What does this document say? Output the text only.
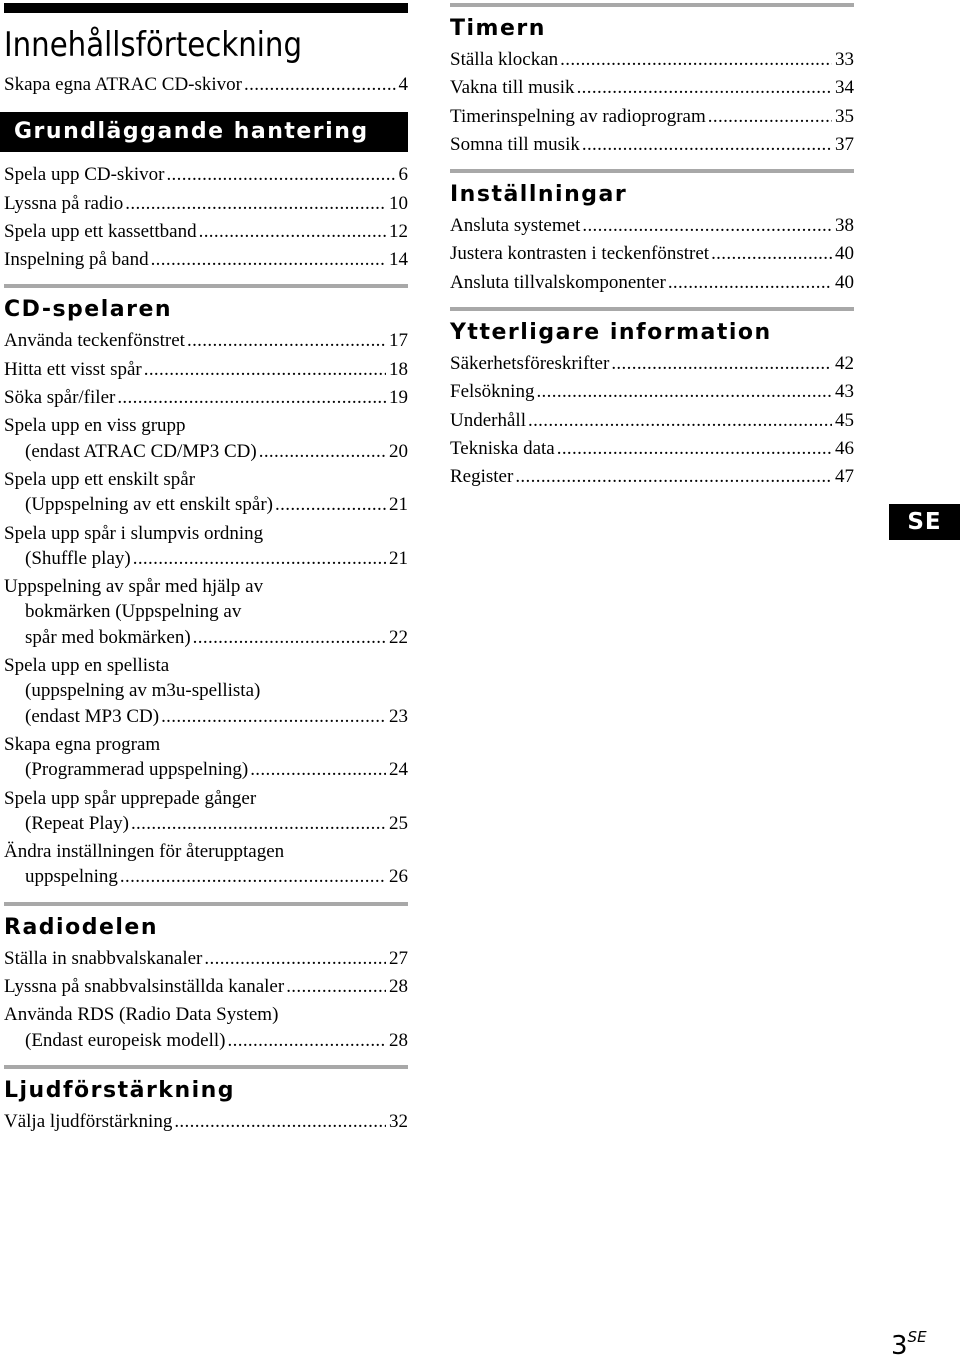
Innehållsförteckning
Skapa egna ATRAC CD-skivor . . .	4
Grundläggande hantering
Spela upp CD-skivor . . .	6
Lyssna på radio . . .	10
Spela upp ett kassettband . . .	12
Inspelning på band . . .	14
CD-spelaren
Använda teckenfönstret . . .	17
Hitta ett visst spår . . .	18
Söka spår/filer . . .	19
Spela upp en viss grupp
(endast ATRAC CD/MP3 CD) . . .	20
Spela upp ett enskilt spår
(Uppspelning av ett enskilt spår) . . .	21
Spela upp spår i slumpvis ordning
(Shuffle play) . . .	21
Uppspelning av spår med hjälp av
bokmärken (Uppspelning av
spår med bokmärken) . . .	22
Spela upp en spellista
(uppspelning av m3u-spellista)
(endast MP3 CD) . . .	23
Skapa egna program
(Programmerad uppspelning) . . .	24
Spela upp spår upprepade gånger
(Repeat Play) . . .	25
Ändra inställningen för återupptagen
uppspelning . . .	26
Radiodelen
Ställa in snabbvalskanaler . . .	27
Lyssna på snabbvalsinställda kanaler . . .	28
Använda RDS (Radio Data System)
(Endast europeisk modell) . . .	28
Ljudförstärkning
Välja ljudförstärkning . . .	32
Timern
Ställa klockan . . .	33
Vakna till musik . . .	34
Timerinspelning av radioprogram . . .	35
Somna till musik . . .	37
Inställningar
Ansluta systemet . . .	38
Justera kontrasten i teckenfönstret . . .	40
Ansluta tillvalskomponenter . . .	40
Ytterligare information
Säkerhetsföreskrifter . . .	42
Felsökning . . .	43
Underhåll . . .	45
Tekniska data . . .	46
Register . . .	47
SE
$3^{SE}$
